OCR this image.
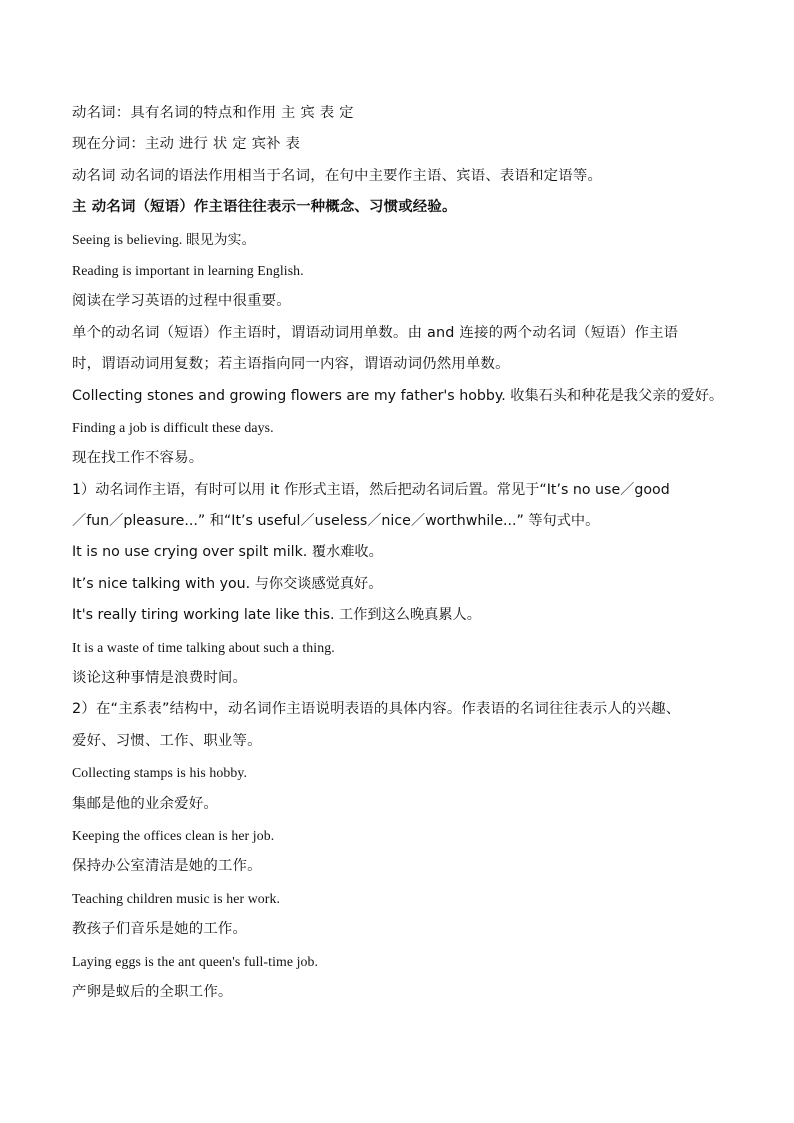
动名词：具有名词的特点和作用 主 宾 表 定
现在分词：主动 进行 状 定 宾补 表
动名词 动名词的语法作用相当于名词，在句中主要作主语、宾语、表语和定语等。
主 动名词（短语）作主语往往表示一种概念、习惯或经验。
Seeing is believing. 眼见为实。
Reading is important in learning English.
阅读在学习英语的过程中很重要。
单个的动名词（短语）作主语时，谓语动词用单数。由 and 连接的两个动名词（短语）作主语
时，谓语动词用复数；若主语指向同一内容，谓语动词仍然用单数。
Collecting stones and growing flowers are my father's hobby. 收集石头和种花是我父亲的爱好。
Finding a job is difficult these days.
现在找工作不容易。
1）动名词作主语，有时可以用 it 作形式主语，然后把动名词后置。常见于“It’s no use／good
／fun／pleasure...” 和“It’s useful／useless／nice／worthwhile...” 等句式中。
It is no use crying over spilt milk. 覆水难收。
It’s nice talking with you. 与你交谈感觉真好。
It's really tiring working late like this. 工作到这么晚真累人。
It is a waste of time talking about such a thing.
谈论这种事情是浪费时间。
2）在“主系表”结构中，动名词作主语说明表语的具体内容。作表语的名词往往表示人的兴趣、
爱好、习惯、工作、职业等。
Collecting stamps is his hobby.
集邮是他的业余爱好。
Keeping the offices clean is her job.
保持办公室清洁是她的工作。
Teaching children music is her work.
教孩子们音乐是她的工作。
Laying eggs is the ant queen's full-time job.
产卵是蚁后的全职工作。
